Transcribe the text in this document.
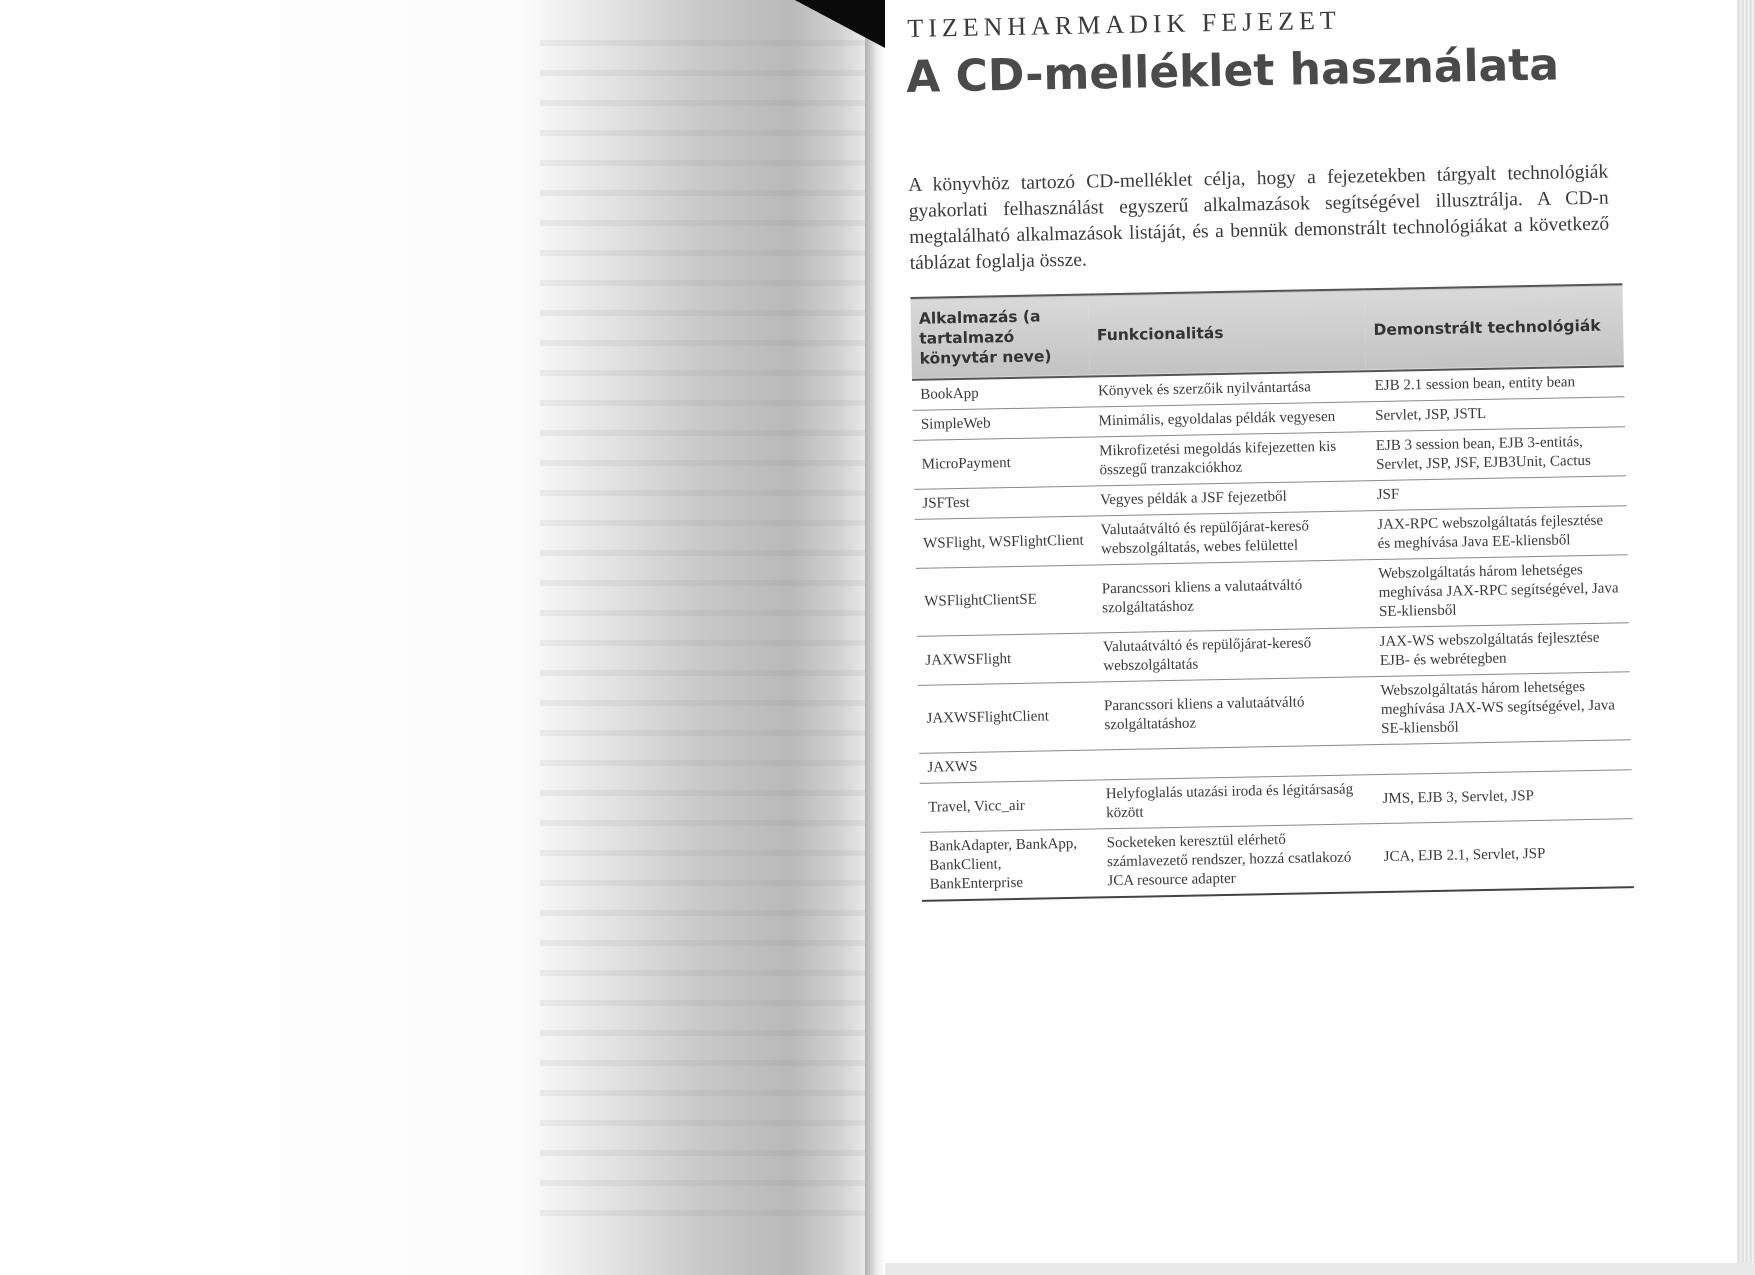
TIZENHARMADIK FEJEZET
A CD-melléklet használata

A könyvhöz tartozó CD-melléklet célja, hogy a fejezetekben tárgyalt technológiák gyakorlati felhasználást egyszerű alkalmazások segítségével illusztrálja. A CD-n megtalálható alkalmazások listáját, és a bennük demonstrált technológiákat a következő táblázat foglalja össze.

Alkalmazás (a tartalmazó könyvtár neve)	Funkcionalitás	Demonstrált technológiák
BookApp	Könyvek és szerzőik nyilvántartása	EJB 2.1 session bean, entity bean
SimpleWeb	Minimális, egyoldalas példák vegyesen	Servlet, JSP, JSTL
MicroPayment	Mikrofizetési megoldás kifejezetten kis összegű tranzakciókhoz	EJB 3 session bean, EJB 3-entitás, Servlet, JSP, JSF, EJB3Unit, Cactus
JSFTest	Vegyes példák a JSF fejezetből	JSF
WSFlight, WSFlightClient	Valutaátváltó és repülőjárat-kereső webszolgáltatás, webes felülettel	JAX-RPC webszolgáltatás fejlesztése és meghívása Java EE-kliensből
WSFlightClientSE	Parancssori kliens a valutaátváltó szolgáltatáshoz	Webszolgáltatás három lehetséges meghívása JAX-RPC segítségével, Java SE-kliensből
JAXWSFlight	Valutaátváltó és repülőjárat-kereső webszolgáltatás	JAX-WS webszolgáltatás fejlesztése EJB- és webrétegben
JAXWSFlightClient	Parancssori kliens a valutaátváltó szolgáltatáshoz	Webszolgáltatás három lehetséges meghívása JAX-WS segítségével, Java SE-kliensből
JAXWS		
Travel, Vicc_air	Helyfoglalás utazási iroda és légitársaság között	JMS, EJB 3, Servlet, JSP
BankAdapter, BankApp, BankClient, BankEnterprise	Socketeken keresztül elérhető számlavezető rendszer, hozzá csatlakozó JCA resource adapter	JCA, EJB 2.1, Servlet, JSP
